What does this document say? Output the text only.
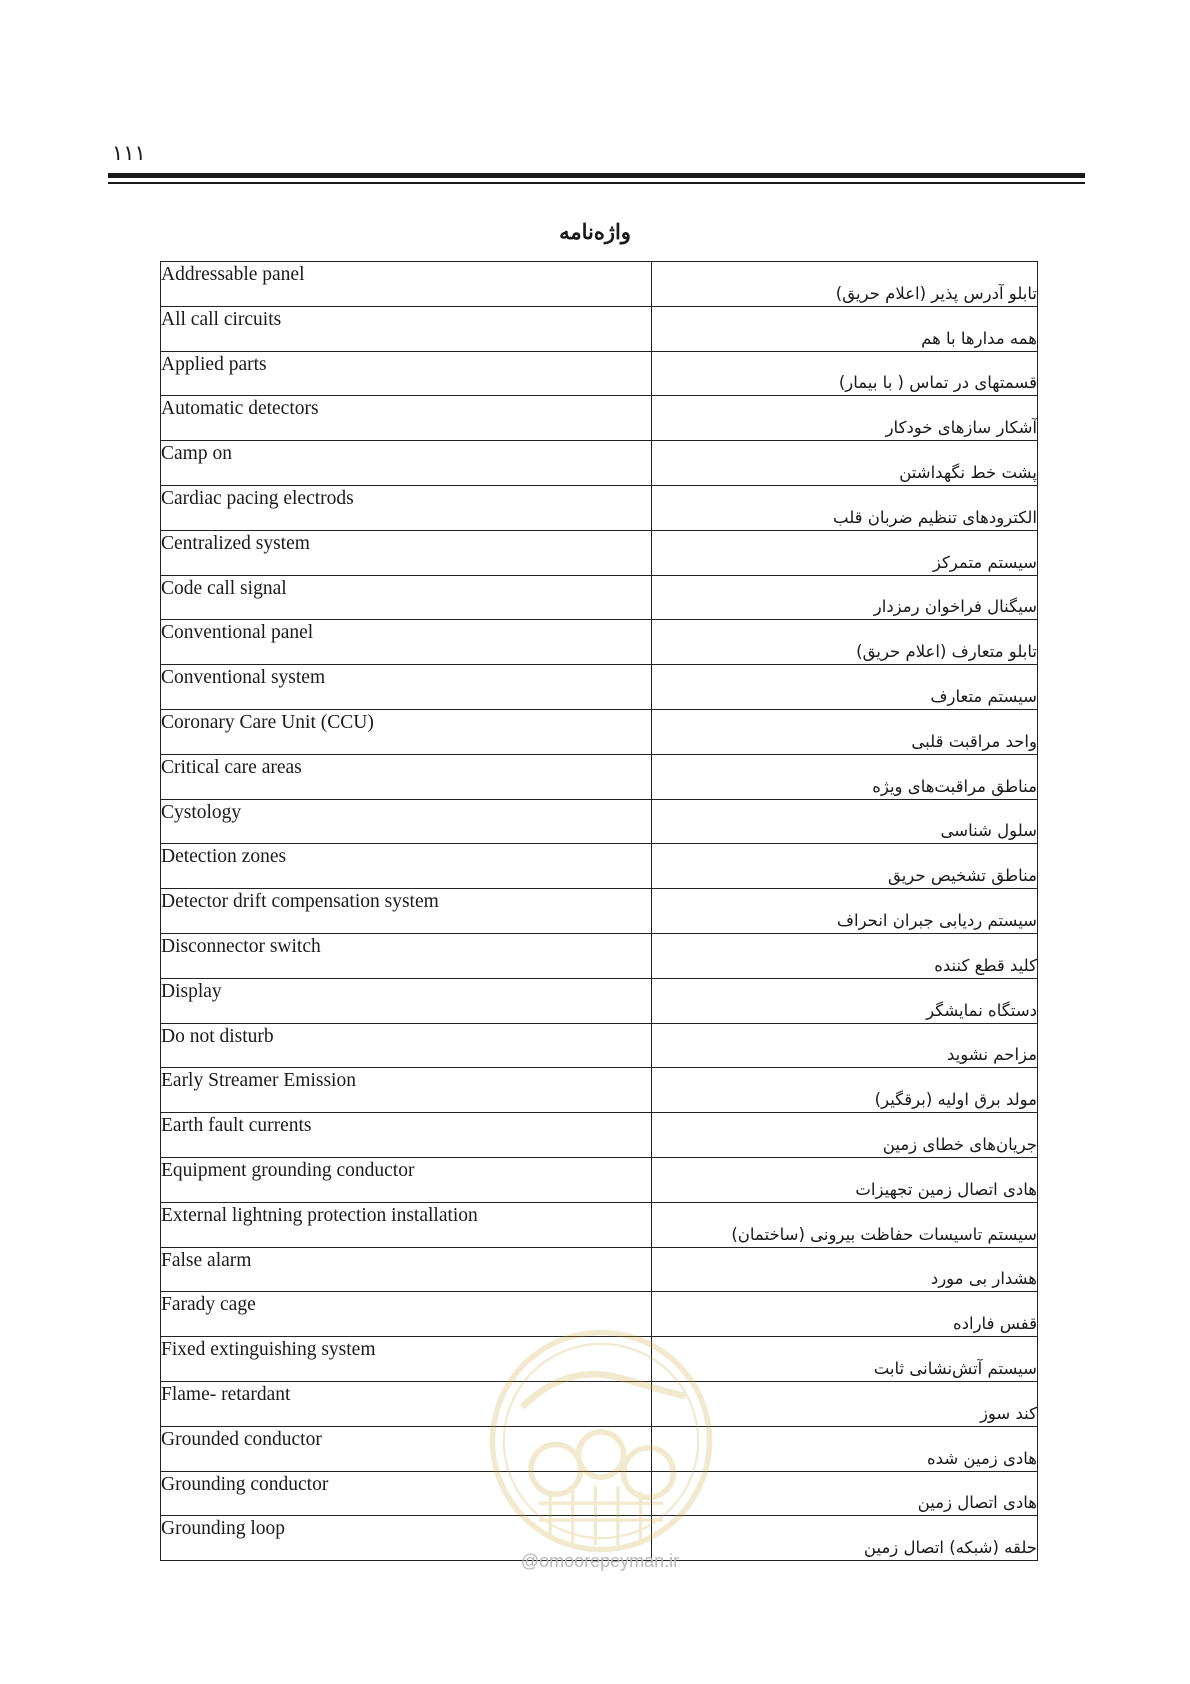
١١١
واژه‌نامه
Addressable panel	تابلو آدرس پذیر (اعلام حریق)
All call circuits	همه مدارها با هم
Applied parts	قسمتهای در تماس ( با بیمار)
Automatic detectors	آشکار سازهای خودکار
Camp on	پشت خط نگهداشتن
Cardiac pacing electrods	الکترودهای تنظیم ضربان قلب
Centralized system	سیستم متمرکز
Code call signal	سیگنال فراخوان رمزدار
Conventional panel	تابلو متعارف (اعلام حریق)
Conventional system	سیستم متعارف
Coronary Care Unit (CCU)	واحد مراقبت قلبی
Critical care areas	مناطق مراقبت‌های ویژه
Cystology	سلول شناسی
Detection zones	مناطق تشخیص حریق
Detector drift compensation system	سیستم ردیابی جبران انحراف
Disconnector switch	کلید قطع کننده
Display	دستگاه نمایشگر
Do not disturb	مزاحم نشوید
Early Streamer Emission	مولد برق اولیه (برقگیر)
Earth fault currents	جریان‌های خطای زمین
Equipment grounding conductor	هادی اتصال زمین تجهیزات
External lightning protection installation	سیستم تاسیسات حفاظت بیرونی (ساختمان)
False alarm	هشدار بی مورد
Farady cage	قفس فاراده
Fixed extinguishing system	سیستم آتش‌نشانی ثابت
Flame- retardant	کند سوز
Grounded conductor	هادی زمین شده
Grounding conductor	هادی اتصال زمین
Grounding loop	حلقه (شبکه) اتصال زمین
@omoorepeyman.ir
